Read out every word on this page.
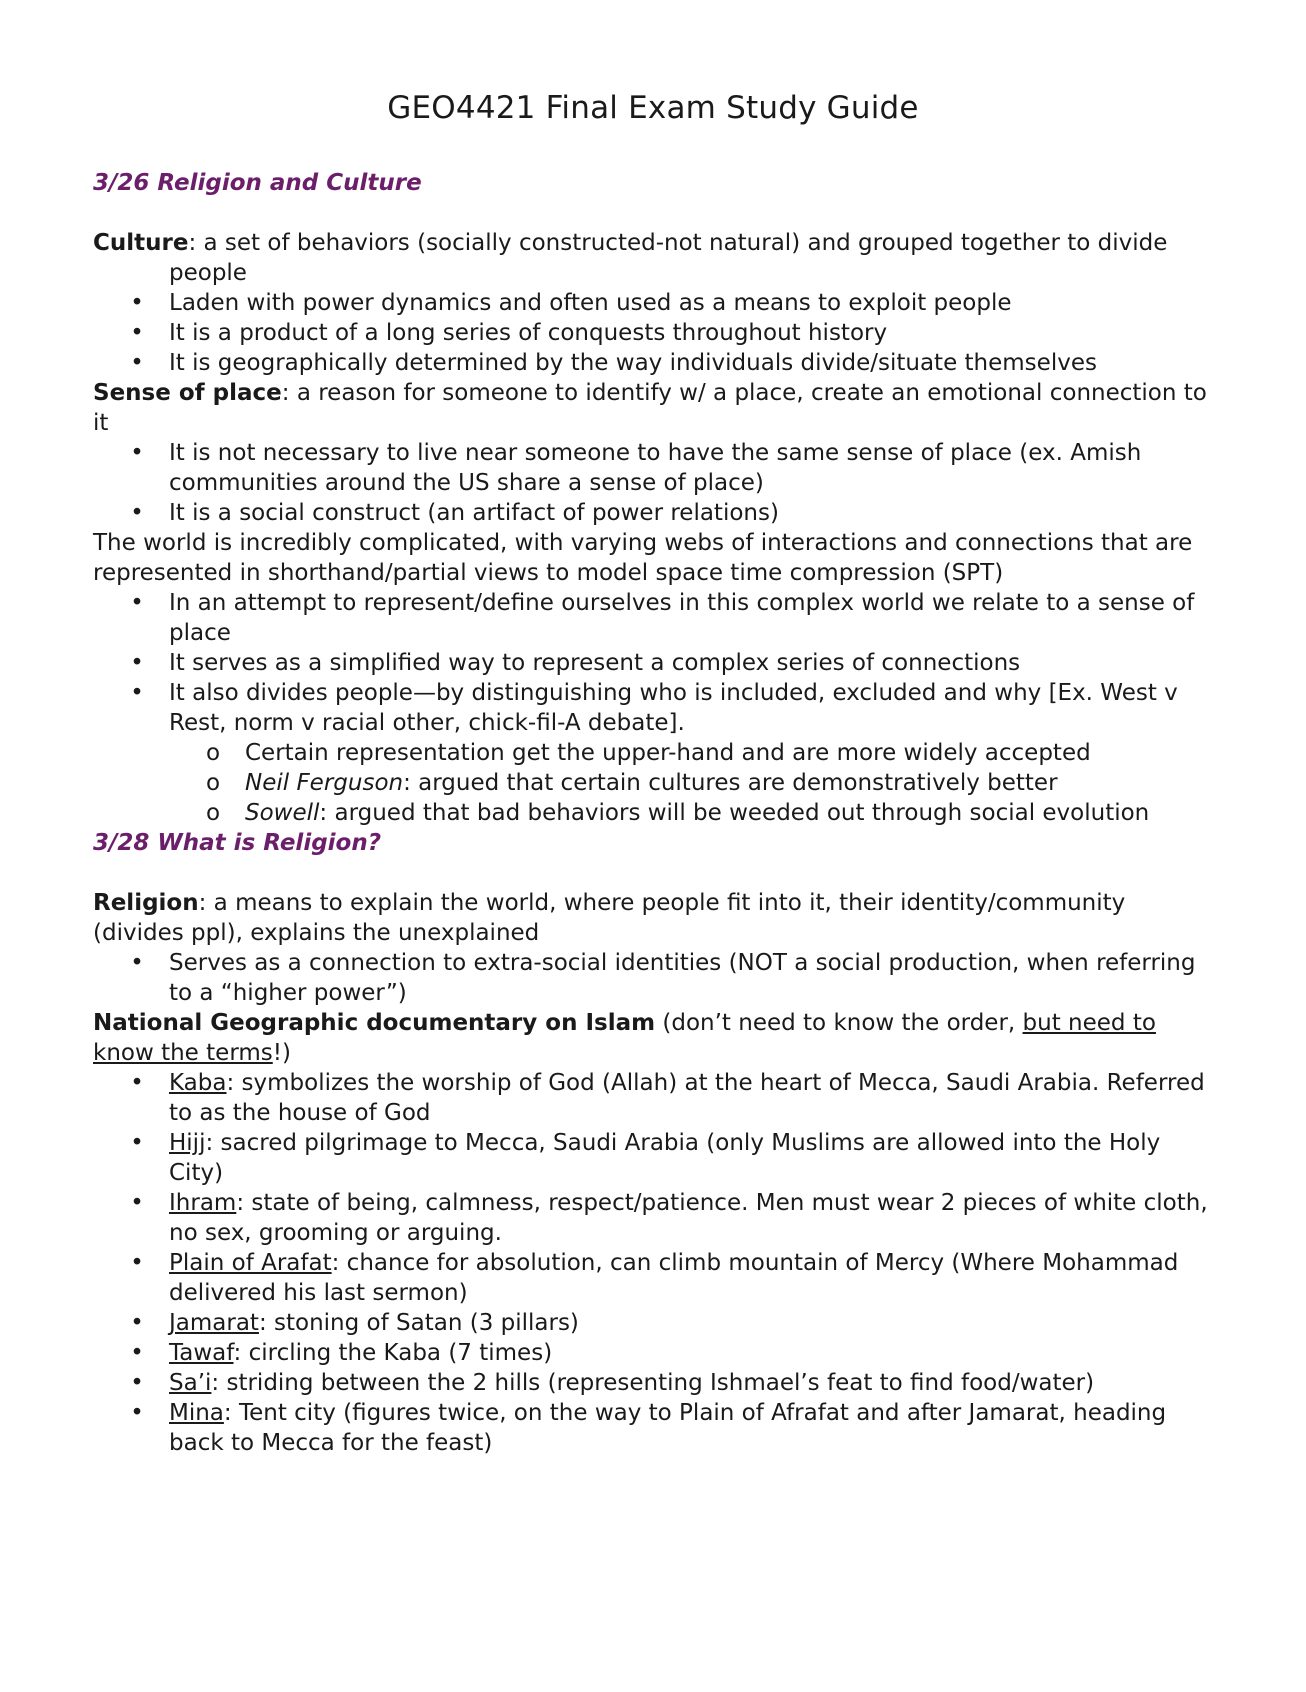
GEO4421 Final Exam Study Guide

3/26 Religion and Culture

Culture: a set of behaviors (socially constructed-not natural) and grouped together to divide people

• Laden with power dynamics and often used as a means to exploit people
• It is a product of a long series of conquests throughout history
• It is geographically determined by the way individuals divide/situate themselves

Sense of place: a reason for someone to identify w/ a place, create an emotional connection to it

• It is not necessary to live near someone to have the same sense of place (ex. Amish communities around the US share a sense of place)
• It is a social construct (an artifact of power relations)

The world is incredibly complicated, with varying webs of interactions and connections that are represented in shorthand/partial views to model space time compression (SPT)

• In an attempt to represent/define ourselves in this complex world we relate to a sense of place
• It serves as a simplified way to represent a complex series of connections
• It also divides people—by distinguishing who is included, excluded and why [Ex. West v Rest, norm v racial other, chick-fil-A debate].
o Certain representation get the upper-hand and are more widely accepted
o Neil Ferguson: argued that certain cultures are demonstratively better
o Sowell: argued that bad behaviors will be weeded out through social evolution

3/28 What is Religion?

Religion: a means to explain the world, where people fit into it, their identity/community (divides ppl), explains the unexplained

• Serves as a connection to extra-social identities (NOT a social production, when referring to a “higher power”)

National Geographic documentary on Islam (don’t need to know the order, but need to know the terms!)

• Kaba: symbolizes the worship of God (Allah) at the heart of Mecca, Saudi Arabia. Referred to as the house of God
• Hijj: sacred pilgrimage to Mecca, Saudi Arabia (only Muslims are allowed into the Holy City)
• Ihram: state of being, calmness, respect/patience. Men must wear 2 pieces of white cloth, no sex, grooming or arguing.
• Plain of Arafat: chance for absolution, can climb mountain of Mercy (Where Mohammad delivered his last sermon)
• Jamarat: stoning of Satan (3 pillars)
• Tawaf: circling the Kaba (7 times)
• Sa’i: striding between the 2 hills (representing Ishmael’s feat to find food/water)
• Mina: Tent city (figures twice, on the way to Plain of Afrafat and after Jamarat, heading back to Mecca for the feast)
